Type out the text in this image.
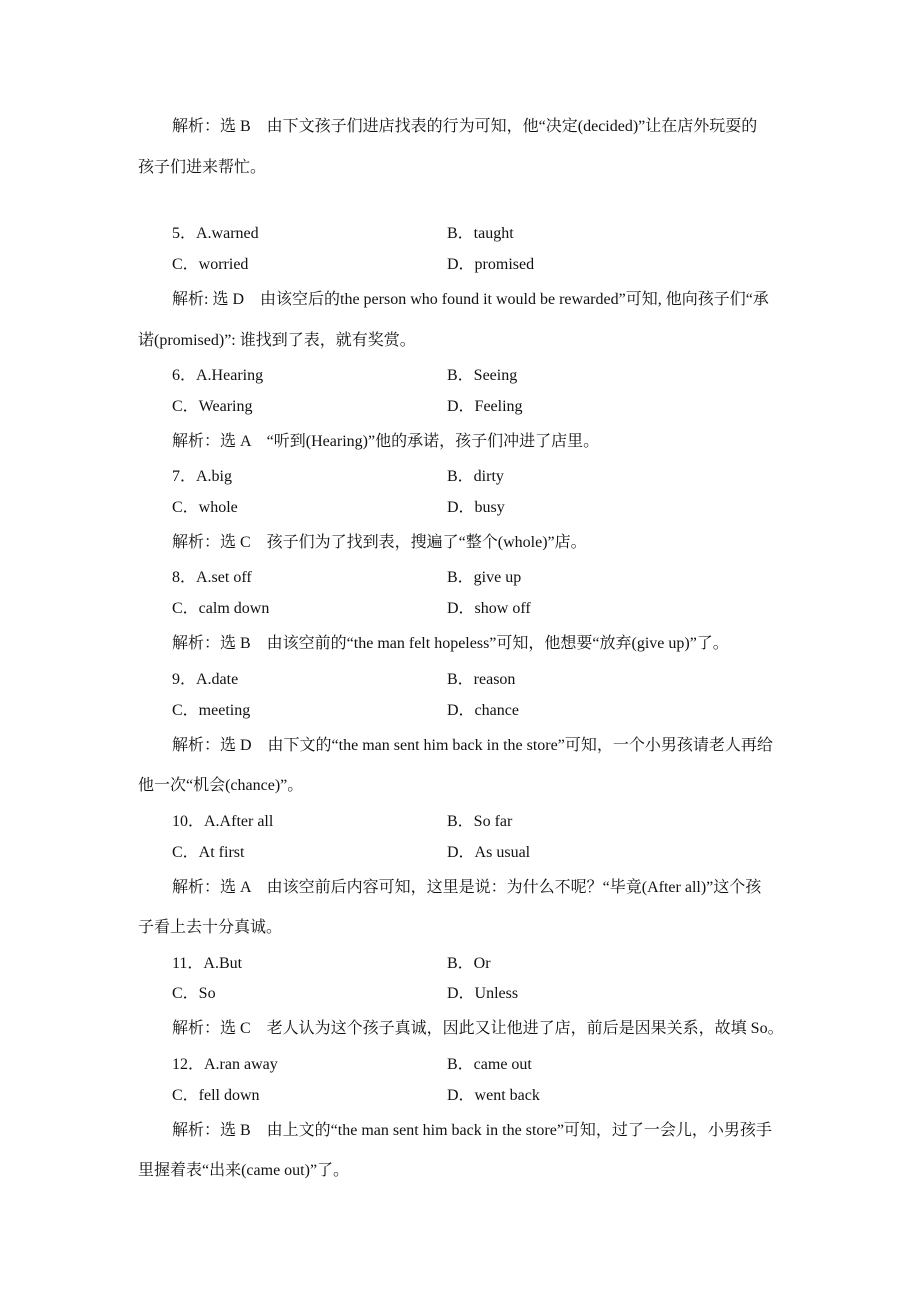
解析：选 B　由下文孩子们进店找表的行为可知，他“决定(decided)”让在店外玩耍的
孩子们进来帮忙。
5．A.warned	B．taught
C．worried	D．promised
解析: 选 D　由该空后的the person who found it would be rewarded”可知, 他向孩子们“承
诺(promised)”: 谁找到了表，就有奖赏。
6．A.Hearing	B．Seeing
C．Wearing	D．Feeling
解析：选 A　“听到(Hearing)”他的承诺，孩子们冲进了店里。
7．A.big	B．dirty
C．whole	D．busy
解析：选 C　孩子们为了找到表，搜遍了“整个(whole)”店。
8．A.set off	B．give up
C．calm down	D．show off
解析：选 B　由该空前的“the man felt hopeless”可知，他想要“放弃(give up)”了。
9．A.date	B．reason
C．meeting	D．chance
解析：选 D　由下文的“the man sent him back in the store”可知，一个小男孩请老人再给
他一次“机会(chance)”。
10．A.After all	B．So far
C．At first	D．As usual
解析：选 A　由该空前后内容可知，这里是说：为什么不呢？“毕竟(After all)”这个孩
子看上去十分真诚。
11．A.But	B．Or
C．So	D．Unless
解析：选 C　老人认为这个孩子真诚，因此又让他进了店，前后是因果关系，故填 So。
12．A.ran away	B．came out
C．fell down	D．went back
解析：选 B　由上文的“the man sent him back in the store”可知，过了一会儿，小男孩手
里握着表“出来(came out)”了。
